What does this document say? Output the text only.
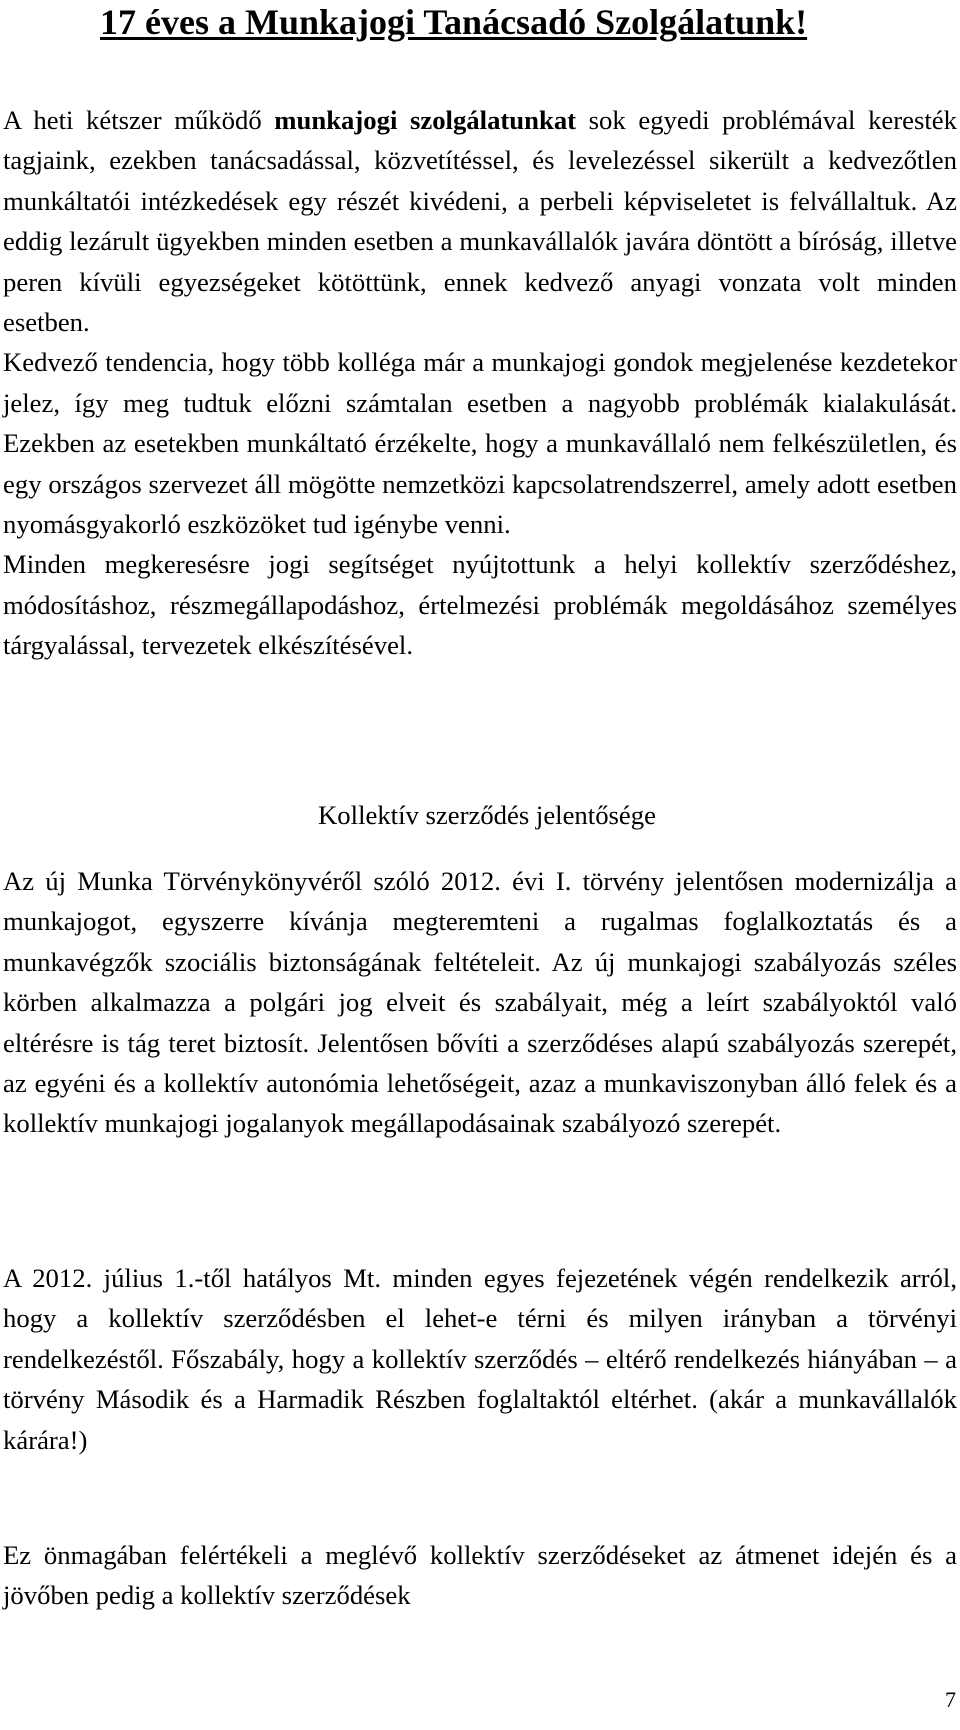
17 éves a Munkajogi Tanácsadó Szolgálatunk!
A heti kétszer működő munkajogi szolgálatunkat sok egyedi problémával keresték tagjaink, ezekben tanácsadással, közvetítéssel, és levelezéssel sikerült a kedvezőtlen munkáltatói intézkedések egy részét kivédeni, a perbeli képviseletet is felvállaltuk. Az eddig lezárult ügyekben minden esetben a munkavállalók javára döntött a bíróság, illetve peren kívüli egyezségeket kötöttünk, ennek kedvező anyagi vonzata volt minden esetben.
Kedvező tendencia, hogy több kolléga már a munkajogi gondok megjelenése kezdetekor jelez, így meg tudtuk előzni számtalan esetben a nagyobb problémák kialakulását. Ezekben az esetekben munkáltató érzékelte, hogy a munkavállaló nem felkészületlen, és egy országos szervezet áll mögötte nemzetközi kapcsolatrendszerrel, amely adott esetben nyomásgyakorló eszközöket tud igénybe venni.
Minden megkeresésre jogi segítséget nyújtottunk a helyi kollektív szerződéshez, módosításhoz, részmegállapodáshoz, értelmezési problémák megoldásához személyes tárgyalással, tervezetek elkészítésével.

Kollektív szerződés jelentősége

Az új Munka Törvénykönyvéről szóló 2012. évi I. törvény jelentősen modernizálja a munkajogot, egyszerre kívánja megteremteni a rugalmas foglalkoztatás és a munkavégzők szociális biztonságának feltételeit. Az új munkajogi szabályozás széles körben alkalmazza a polgári jog elveit és szabályait, még a leírt szabályoktól való eltérésre is tág teret biztosít. Jelentősen bővíti a szerződéses alapú szabályozás szerepét, az egyéni és a kollektív autonómia lehetőségeit, azaz a munkaviszonyban álló felek és a kollektív munkajogi jogalanyok megállapodásainak szabályozó szerepét.

A 2012. július 1.-től hatályos Mt. minden egyes fejezetének végén rendelkezik arról, hogy a kollektív szerződésben el lehet-e térni és milyen irányban a törvényi rendelkezéstől. Főszabály, hogy a kollektív szerződés – eltérő rendelkezés hiányában – a törvény Második és a Harmadik Részben foglaltaktól eltérhet. (akár a munkavállalók kárára!)

Ez önmagában felértékeli a meglévő kollektív szerződéseket az átmenet idején és a jövőben pedig a kollektív szerződések

7
